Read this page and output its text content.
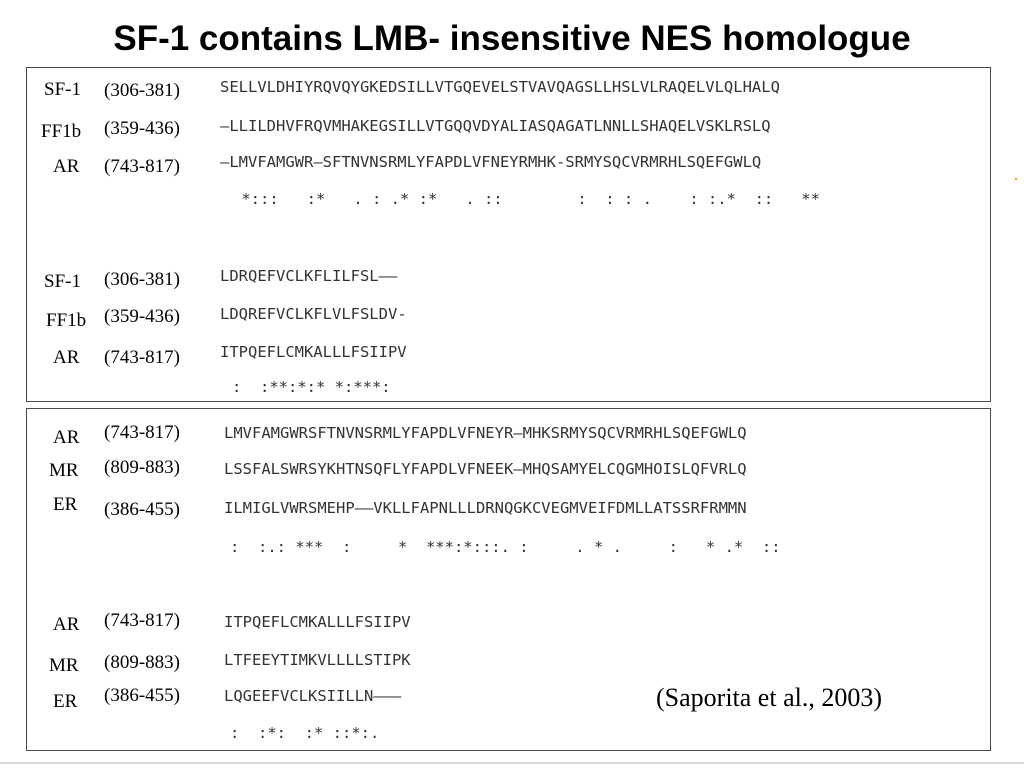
SF-1 contains LMB- insensitive NES homologue
SF-1 (306-381)	SELLVLDHIYRQVQYGKEDSILLVTGQEVELSTVAVQAGSLLHSLVLRAQELVLQLHALQ
FF1b (359-436)	—LLILDHVFRQVMHAKEGSILLVTGQQVDYALIASQAGATLNNLLSHAQELVSKLRSLQ
AR (743-817)	—LMVFAMGWR—SFTNVNSRMLYFAPDLVFNEYRMHK-SRMYSQCVRMRHLSQEFGWLQ
*:::   :*   . : .* :*   . ::        :  : : .    : :.*  ::   **
SF-1 (306-381)	LDRQEFVCLKFLILFSL——
FF1b (359-436)	LDQREFVCLKFLVLFSLDV-
AR (743-817)	ITPQEFLCMKALLLFSIIPV
:  :**:*:* *:***:
AR (743-817)	LMVFAMGWRSFTNVNSRMLYFAPDLVFNEYR—MHKSRMYSQCVRMRHLSQEFGWLQ
MR (809-883)	LSSFALSWRSYKHTNSQFLYFAPDLVFNEEK—MHQSAMYELCQGMHOISLQFVRLQ
ER (386-455)	ILMIGLVWRSMEHP——VKLLFAPNLLLDRNQGKCVEGMVEIFDMLLATSSRFRMMN
:  :.: ***  :     *  ***:*:::. :     . * .     :   * .*  ::
AR (743-817)	ITPQEFLCMKALLLFSIIPV
MR (809-883)	LTFEEYTIMKVLLLLSTIPK
ER (386-455)	LQGEEFVCLKSIILLN———
:  :*:  :* ::*:.
(Saporita et al., 2003)
